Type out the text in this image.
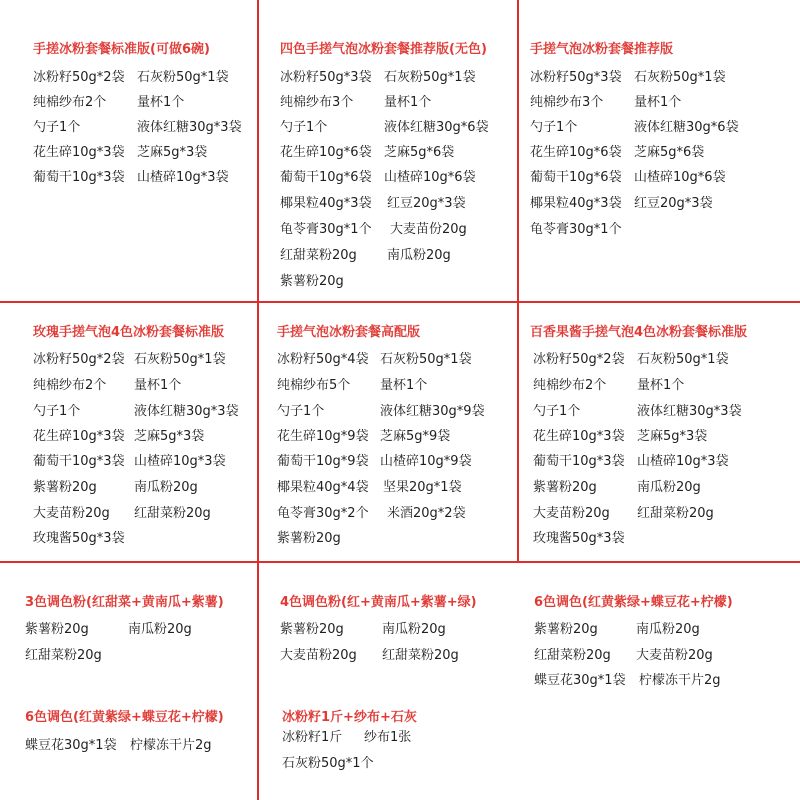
手搓冰粉套餐标准版(可做6碗)
冰粉籽50g*2袋 石灰粉50g*1袋
纯棉纱布2个 量杯1个
勺子1个	液体红糖30g*3袋
花生碎10g*3袋 芝麻5g*3袋
葡萄干10g*3袋 山楂碎10g*3袋
四色手搓气泡冰粉套餐推荐版(无色)
冰粉籽50g*3袋 石灰粉50g*1袋
纯棉纱布3个 量杯1个
勺子1个	液体红糖30g*6袋
花生碎10g*6袋 芝麻5g*6袋
葡萄干10g*6袋 山楂碎10g*6袋
椰果粒40g*3袋 红豆20g*3袋
龟苓膏30g*1个 大麦苗份20g
红甜菜粉20g 南瓜粉20g
紫薯粉20g
手搓气泡冰粉套餐推荐版
冰粉籽50g*3袋 石灰粉50g*1袋
纯棉纱布3个 量杯1个
勺子1个	液体红糖30g*6袋
花生碎10g*6袋 芝麻5g*6袋
葡萄干10g*6袋 山楂碎10g*6袋
椰果粒40g*3袋 红豆20g*3袋
龟苓膏30g*1个
玫瑰手搓气泡4色冰粉套餐标准版
冰粉籽50g*2袋 石灰粉50g*1袋
纯棉纱布2个 量杯1个
勺子1个	液体红糖30g*3袋
花生碎10g*3袋 芝麻5g*3袋
葡萄干10g*3袋 山楂碎10g*3袋
紫薯粉20g	南瓜粉20g
大麦苗粉20g 红甜菜粉20g
玫瑰酱50g*3袋
手搓气泡冰粉套餐高配版
冰粉籽50g*4袋 石灰粉50g*1袋
纯棉纱布5个 量杯1个
勺子1个	液体红糖30g*9袋
花生碎10g*9袋 芝麻5g*9袋
葡萄干10g*9袋 山楂碎10g*9袋
椰果粒40g*4袋 坚果20g*1袋
龟苓膏30g*2个 米酒20g*2袋
紫薯粉20g
百香果酱手搓气泡4色冰粉套餐标准版
冰粉籽50g*2袋 石灰粉50g*1袋
纯棉纱布2个 量杯1个
勺子1个	液体红糖30g*3袋
花生碎10g*3袋 芝麻5g*3袋
葡萄干10g*3袋 山楂碎10g*3袋
紫薯粉20g	南瓜粉20g
大麦苗粉20g 红甜菜粉20g
玫瑰酱50g*3袋
3色调色粉(红甜菜+黄南瓜+紫薯)
紫薯粉20g	南瓜粉20g
红甜菜粉20g
6色调色(红黄紫绿+蝶豆花+柠檬)
蝶豆花30g*1袋 柠檬冻干片2g
4色调色粉(红+黄南瓜+紫薯+绿)
紫薯粉20g	南瓜粉20g
大麦苗粉20g 红甜菜粉20g
冰粉籽1斤+纱布+石灰
冰粉籽1斤 纱布1张
石灰粉50g*1个
6色调色(红黄紫绿+蝶豆花+柠檬)
紫薯粉20g	南瓜粉20g
红甜菜粉20g 大麦苗粉20g
蝶豆花30g*1袋 柠檬冻干片2g
